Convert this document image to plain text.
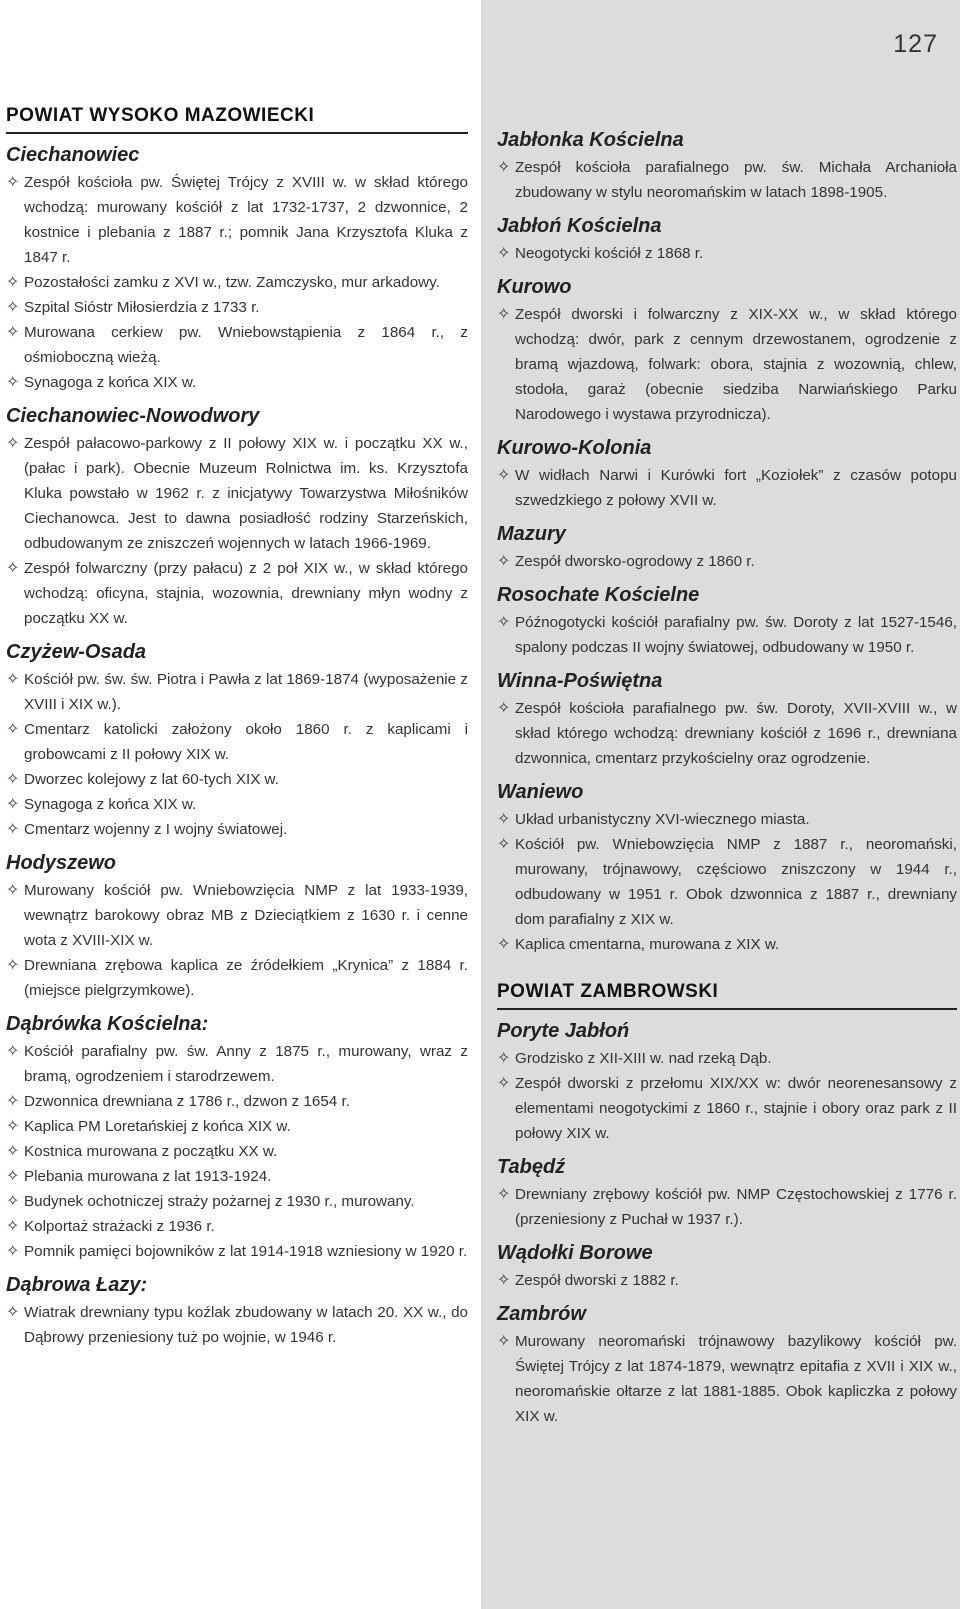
127
POWIAT WYSOKO MAZOWIECKI
Ciechanowiec
✧ Zespół kościoła pw. Świętej Trójcy z XVIII w. w skład którego wchodzą: murowany kościół z lat 1732-1737, 2 dzwonnice, 2 kostnice i plebania z 1887 r.; pomnik Jana Krzysztofa Kluka z 1847 r.
✧ Pozostałości zamku z XVI w., tzw. Zamczysko, mur arkadowy.
✧ Szpital Sióstr Miłosierdzia z 1733 r.
✧ Murowana cerkiew pw. Wniebowstąpienia z 1864 r., z ośmioboczną wieżą.
✧ Synagoga z końca XIX w.
Ciechanowiec-Nowodwory
✧ Zespół pałacowo-parkowy z II połowy XIX w. i początku XX w., (pałac i park). Obecnie Muzeum Rolnictwa im. ks. Krzysztofa Kluka powstało w 1962 r. z inicjatywy Towarzystwa Miłośników Ciechanowca. Jest to dawna posiadłość rodziny Starzeńskich, odbudowanym ze zniszczeń wojennych w latach 1966-1969.
✧ Zespół folwarczny (przy pałacu) z 2 poł XIX w., w skład którego wchodzą: oficyna, stajnia, wozownia, drewniany młyn wodny z początku XX w.
Czyżew-Osada
✧ Kościół pw. św. św. Piotra i Pawła z lat 1869-1874 (wyposażenie z XVIII i XIX w.).
✧ Cmentarz katolicki założony około 1860 r. z kaplicami i grobowcami z II połowy XIX w.
✧ Dworzec kolejowy z lat 60-tych XIX w.
✧ Synagoga z końca XIX w.
✧ Cmentarz wojenny z I wojny światowej.
Hodyszewo
✧ Murowany kościół pw. Wniebowzięcia NMP z lat 1933-1939, wewnątrz barokowy obraz MB z Dzieciątkiem z 1630 r. i cenne wota z XVIII-XIX w.
✧ Drewniana zrębowa kaplica ze źródełkiem „Krynica” z 1884 r. (miejsce pielgrzymkowe).
Dąbrówka Kościelna:
✧ Kościół parafialny pw. św. Anny z 1875 r., murowany, wraz z bramą, ogrodzeniem i starodrzewem.
✧ Dzwonnica drewniana z 1786 r., dzwon z 1654 r.
✧ Kaplica PM Loretańskiej z końca XIX w.
✧ Kostnica murowana z początku XX w.
✧ Plebania murowana z lat 1913-1924.
✧ Budynek ochotniczej straży pożarnej z 1930 r., murowany.
✧ Kolportaż strażacki z 1936 r.
✧ Pomnik pamięci bojowników z lat 1914-1918 wzniesiony w 1920 r.
Dąbrowa Łazy:
✧ Wiatrak drewniany typu koźlak zbudowany w latach 20. XX w., do Dąbrowy przeniesiony tuż po wojnie, w 1946 r.
Jabłonka Kościelna
✧ Zespół kościoła parafialnego pw. św. Michała Archanioła zbudowany w stylu neoromańskim w latach 1898-1905.
Jabłoń Kościelna
✧ Neogotycki kościół z 1868 r.
Kurowo
✧ Zespół dworski i folwarczny z XIX-XX w., w skład którego wchodzą: dwór, park z cennym drzewostanem, ogrodzenie z bramą wjazdową, folwark: obora, stajnia z wozownią, chlew, stodoła, garaż (obecnie siedziba Narwiańskiego Parku Narodowego i wystawa przyrodnicza).
Kurowo-Kolonia
✧ W widłach Narwi i Kurówki fort „Koziołek” z czasów potopu szwedzkiego z połowy XVII w.
Mazury
✧ Zespół dworsko-ogrodowy z 1860 r.
Rosochate Kościelne
✧ Późnogotycki kościół parafialny pw. św. Doroty z lat 1527-1546, spalony podczas II wojny światowej, odbudowany w 1950 r.
Winna-Poświętna
✧ Zespół kościoła parafialnego pw. św. Doroty, XVII-XVIII w., w skład którego wchodzą: drewniany kościół z 1696 r., drewniana dzwonnica, cmentarz przykościelny oraz ogrodzenie.
Waniewo
✧ Układ urbanistyczny XVI-wiecznego miasta.
✧ Kościół pw. Wniebowzięcia NMP z 1887 r., neoromański, murowany, trójnawowy, częściowo zniszczony w 1944 r., odbudowany w 1951 r. Obok dzwonnica z 1887 r., drewniany dom parafialny z XIX w.
✧ Kaplica cmentarna, murowana z XIX w.
POWIAT ZAMBROWSKI
Poryte Jabłoń
✧ Grodzisko z XII-XIII w. nad rzeką Dąb.
✧ Zespół dworski z przełomu XIX/XX w: dwór neorenesansowy z elementami neogotyckimi z 1860 r., stajnie i obory oraz park z II połowy XIX w.
Tabędź
✧ Drewniany zrębowy kościół pw. NMP Częstochowskiej z 1776 r. (przeniesiony z Puchał w 1937 r.).
Wądołki Borowe
✧ Zespół dworski z 1882 r.
Zambrów
✧ Murowany neoromański trójnawowy bazylikowy kościół pw. Świętej Trójcy z lat 1874-1879, wewnątrz epitafia z XVII i XIX w., neoromańskie ołtarze z lat 1881-1885. Obok kapliczka z połowy XIX w.
